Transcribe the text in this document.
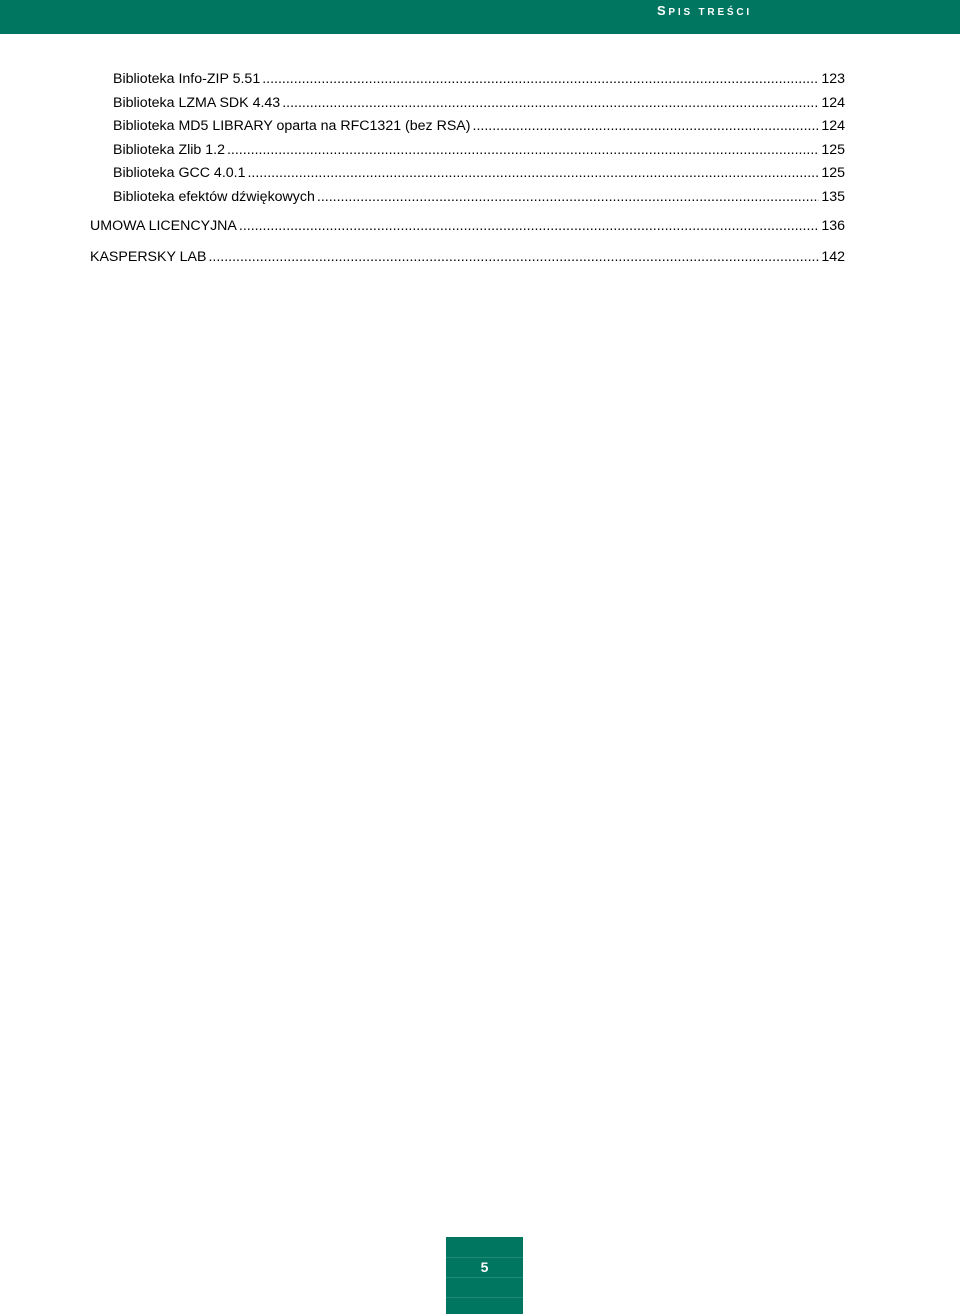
SPIS TREŚCI
Biblioteka Info-ZIP 5.51 .....	123
Biblioteka LZMA SDK 4.43 .....	124
Biblioteka MD5 LIBRARY oparta na RFC1321 (bez RSA) .....	124
Biblioteka Zlib 1.2 .....	125
Biblioteka GCC 4.0.1 .....	125
Biblioteka efektów dźwiękowych .....	135
UMOWA LICENCYJNA .....	136
KASPERSKY LAB .....	142
5
